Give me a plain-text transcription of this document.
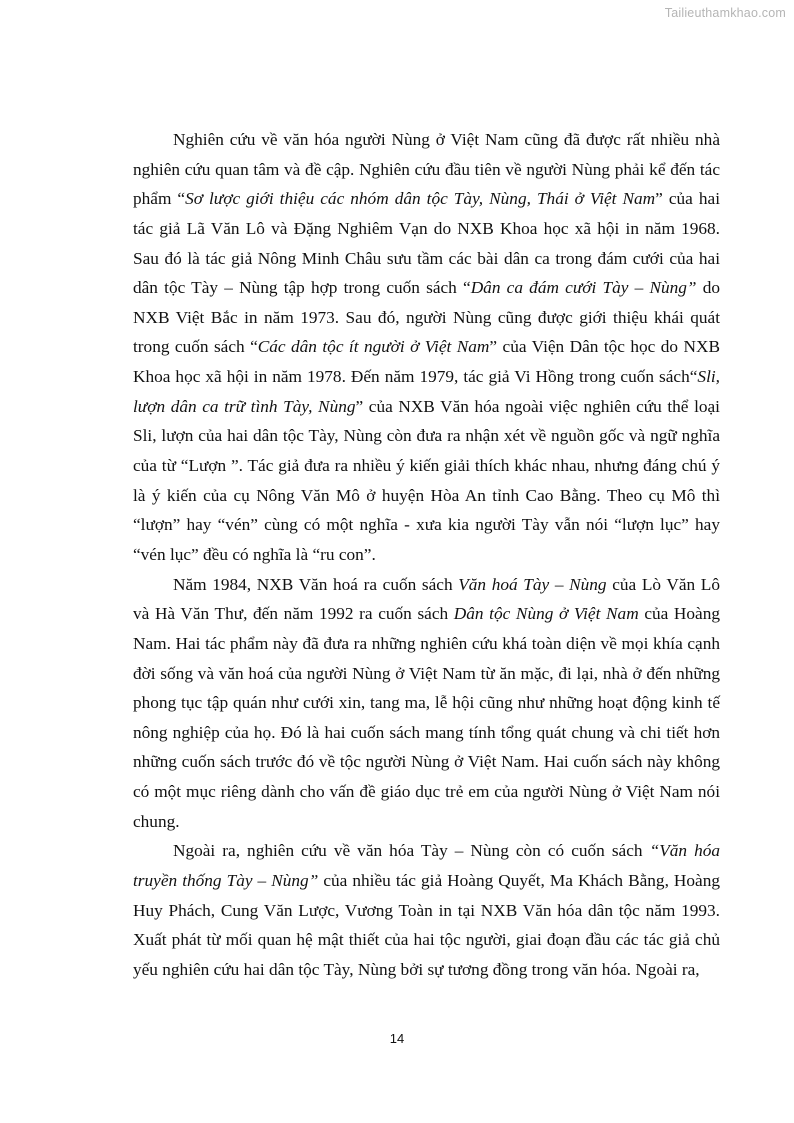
Tailieuthamkhao.com
Nghiên cứu về văn hóa người Nùng ở Việt Nam cũng đã được rất nhiều nhà
nghiên cứu quan tâm và đề cập. Nghiên cứu đầu tiên về người Nùng phải kể đến tác
phẩm “Sơ lược giới thiệu các nhóm dân tộc Tày, Nùng, Thái ở Việt Nam” của hai
tác giả Lã Văn Lô và Đặng Nghiêm Vạn do NXB Khoa học xã hội in năm 1968.
Sau đó là tác giả Nông Minh Châu sưu tầm các bài dân ca trong đám cưới của hai
dân tộc Tày – Nùng tập hợp trong cuốn sách “Dân ca đám cưới Tày – Nùng” do
NXB Việt Bắc in năm 1973. Sau đó, người Nùng cũng được giới thiệu khái quát
trong cuốn sách “Các dân tộc ít người ở Việt Nam” của Viện Dân tộc học do NXB
Khoa học xã hội in năm 1978. Đến năm 1979, tác giả Vi Hồng trong cuốn sách“Sli,
lượn dân ca trữ tình Tày, Nùng” của NXB Văn hóa ngoài việc nghiên cứu thể loại
Sli, lượn của hai dân tộc Tày, Nùng còn đưa ra nhận xét về nguồn gốc và ngữ nghĩa
của từ “Lượn ”. Tác giả đưa ra nhiều ý kiến giải thích khác nhau, nhưng đáng chú ý
là ý kiến của cụ Nông Văn Mô ở huyện Hòa An tỉnh Cao Bằng. Theo cụ Mô thì
“lượn” hay “vén” cùng có một nghĩa - xưa kia người Tày vẫn nói “lượn lục” hay
“vén lục” đều có nghĩa là “ru con”.
Năm 1984, NXB Văn hoá ra cuốn sách Văn hoá Tày – Nùng của Lò Văn Lô
và Hà Văn Thư, đến năm 1992 ra cuốn sách Dân tộc Nùng ở Việt Nam của Hoàng
Nam. Hai tác phẩm này đã đưa ra những nghiên cứu khá toàn diện về mọi khía cạnh
đời sống và văn hoá của người Nùng ở Việt Nam từ ăn mặc, đi lại, nhà ở đến những
phong tục tập quán như cưới xin, tang ma, lễ hội cũng như những hoạt động kinh tế
nông nghiệp của họ. Đó là hai cuốn sách mang tính tổng quát chung và chi tiết hơn
những cuốn sách trước đó về tộc người Nùng ở Việt Nam. Hai cuốn sách này không
có một mục riêng dành cho vấn đề giáo dục trẻ em của người Nùng ở Việt Nam nói
chung.
Ngoài ra, nghiên cứu về văn hóa Tày – Nùng còn có cuốn sách “Văn hóa
truyền thống Tày – Nùng” của nhiều tác giả Hoàng Quyết, Ma Khách Bằng, Hoàng
Huy Phách, Cung Văn Lược, Vương Toàn in tại NXB Văn hóa dân tộc năm 1993.
Xuất phát từ mối quan hệ mật thiết của hai tộc người, giai đoạn đầu các tác giả chủ
yếu nghiên cứu hai dân tộc Tày, Nùng bởi sự tương đồng trong văn hóa. Ngoài ra,
14
